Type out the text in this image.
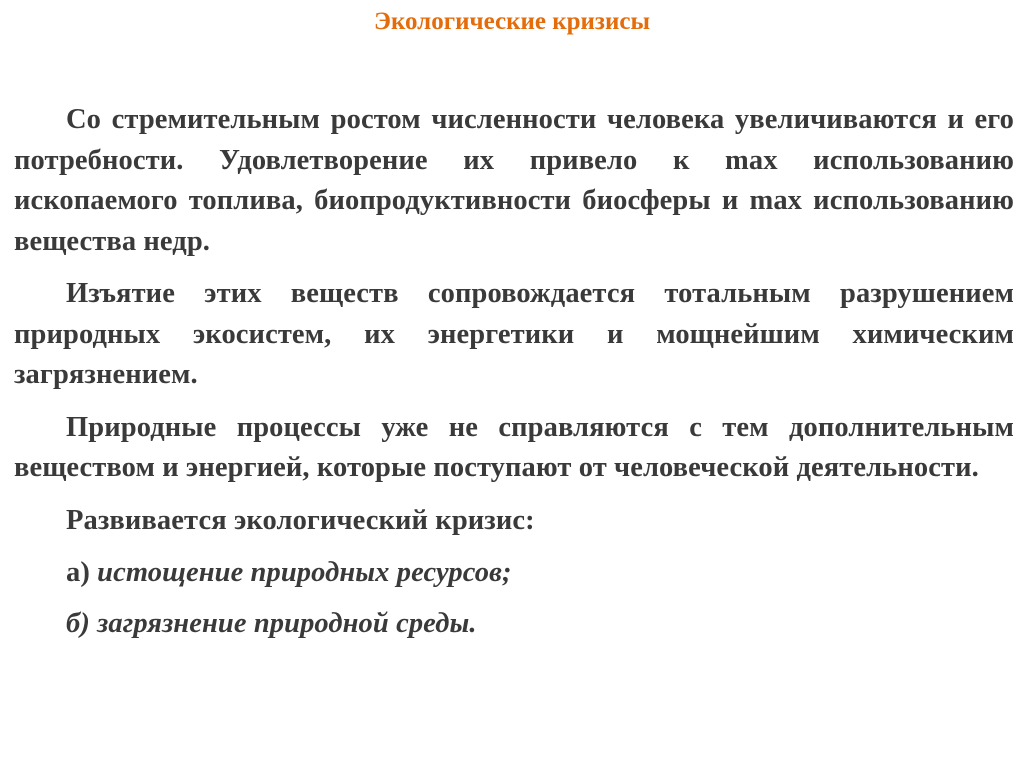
Экологические кризисы

Со стремительным ростом численности человека увеличиваются и его потребности. Удовлетворение их привело к max использованию ископаемого топлива, биопродуктивности биосферы и max использованию вещества недр.

Изъятие этих веществ сопровождается тотальным разрушением природных экосистем, их энергетики и мощнейшим химическим загрязнением.

Природные процессы уже не справляются с тем дополнительным веществом и энергией, которые поступают от человеческой деятельности.

Развивается экологический кризис:

а) истощение природных ресурсов;

б) загрязнение природной среды.
